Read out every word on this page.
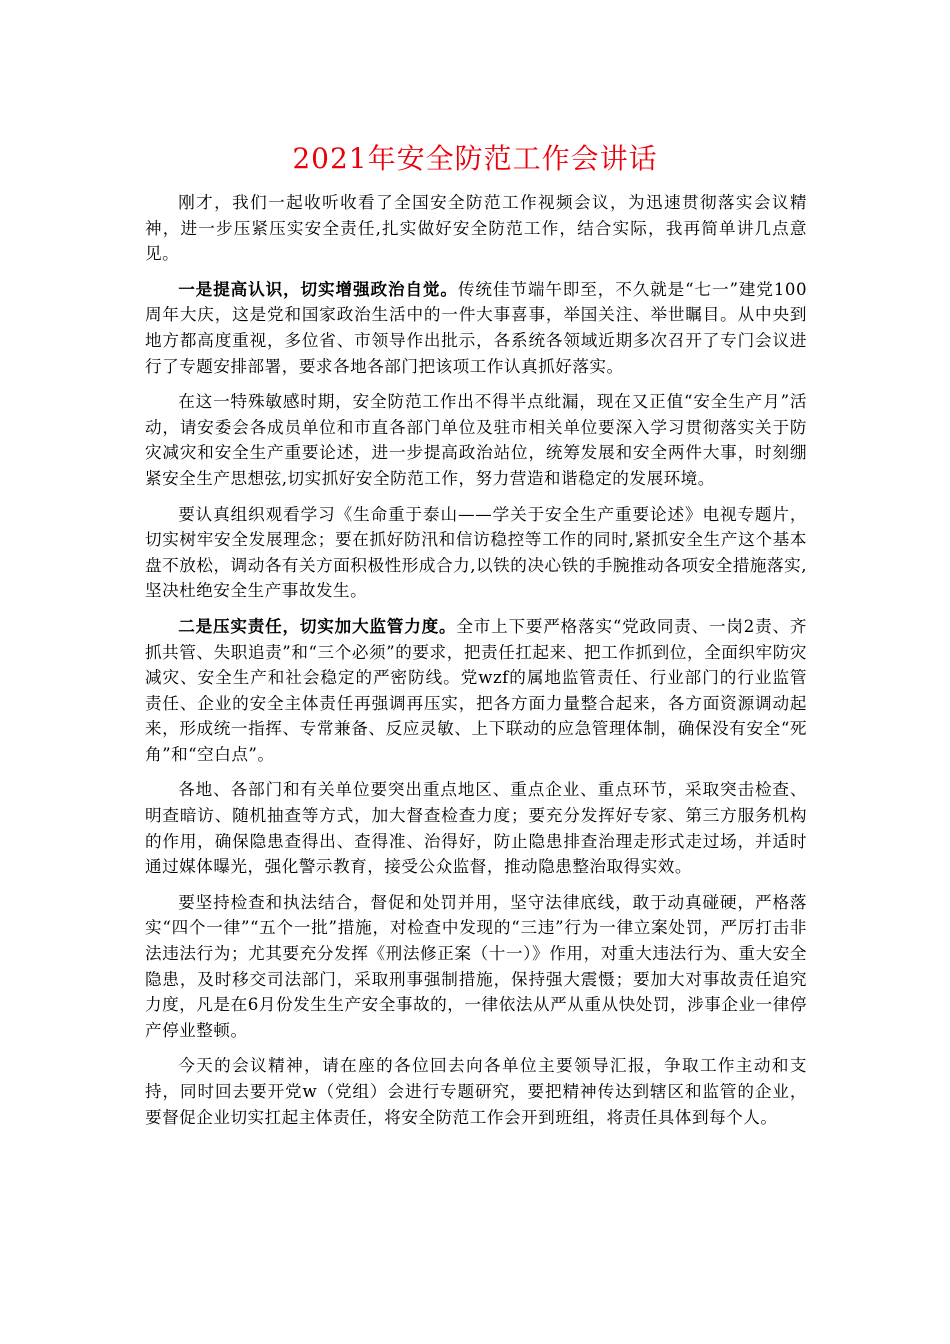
2021年安全防范工作会讲话

刚才，我们一起收听收看了全国安全防范工作视频会议，为迅速贯彻落实会议精神，进一步压紧压实安全责任,扎实做好安全防范工作，结合实际，我再简单讲几点意见。

一是提高认识，切实增强政治自觉。传统佳节端午即至，不久就是“七一”建党100周年大庆，这是党和国家政治生活中的一件大事喜事，举国关注、举世瞩目。从中央到地方都高度重视，多位省、市领导作出批示，各系统各领域近期多次召开了专门会议进行了专题安排部署，要求各地各部门把该项工作认真抓好落实。

在这一特殊敏感时期，安全防范工作出不得半点纰漏，现在又正值“安全生产月”活动，请安委会各成员单位和市直各部门单位及驻市相关单位要深入学习贯彻落实关于防灾减灾和安全生产重要论述，进一步提高政治站位，统筹发展和安全两件大事，时刻绷紧安全生产思想弦,切实抓好安全防范工作，努力营造和谐稳定的发展环境。

要认真组织观看学习《生命重于泰山——学关于安全生产重要论述》电视专题片，切实树牢安全发展理念；要在抓好防汛和信访稳控等工作的同时,紧抓安全生产这个基本盘不放松，调动各有关方面积极性形成合力,以铁的决心铁的手腕推动各项安全措施落实,坚决杜绝安全生产事故发生。

二是压实责任，切实加大监管力度。全市上下要严格落实“党政同责、一岗2责、齐抓共管、失职追责”和“三个必须”的要求，把责任扛起来、把工作抓到位，全面织牢防灾减灾、安全生产和社会稳定的严密防线。党wzf的属地监管责任、行业部门的行业监管责任、企业的安全主体责任再强调再压实，把各方面力量整合起来，各方面资源调动起来，形成统一指挥、专常兼备、反应灵敏、上下联动的应急管理体制，确保没有安全“死角”和“空白点”。

各地、各部门和有关单位要突出重点地区、重点企业、重点环节，采取突击检查、明查暗访、随机抽查等方式，加大督查检查力度；要充分发挥好专家、第三方服务机构的作用，确保隐患查得出、查得准、治得好，防止隐患排查治理走形式走过场，并适时通过媒体曝光，强化警示教育，接受公众监督，推动隐患整治取得实效。

要坚持检查和执法结合，督促和处罚并用，坚守法律底线，敢于动真碰硬，严格落实“四个一律”“五个一批”措施，对检查中发现的“三违”行为一律立案处罚，严厉打击非法违法行为；尤其要充分发挥《刑法修正案（十一）》作用，对重大违法行为、重大安全隐患，及时移交司法部门，采取刑事强制措施，保持强大震慑；要加大对事故责任追究力度，凡是在6月份发生生产安全事故的，一律依法从严从重从快处罚，涉事企业一律停产停业整顿。

今天的会议精神，请在座的各位回去向各单位主要领导汇报，争取工作主动和支持，同时回去要开党w（党组）会进行专题研究，要把精神传达到辖区和监管的企业，要督促企业切实扛起主体责任，将安全防范工作会开到班组，将责任具体到每个人。
